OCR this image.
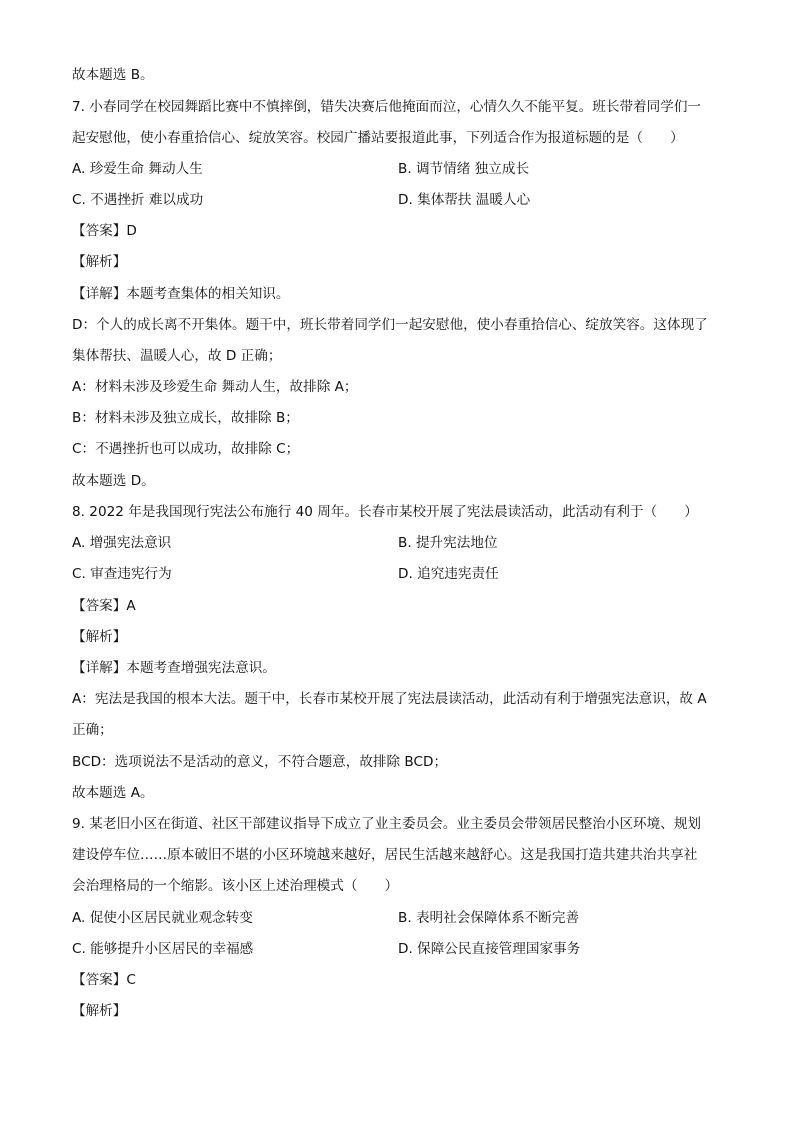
故本题选 B。
7. 小春同学在校园舞蹈比赛中不慎摔倒，错失决赛后他掩面而泣，心情久久不能平复。班长带着同学们一
起安慰他，使小春重拾信心、绽放笑容。校园广播站要报道此事，下列适合作为报道标题的是（　　）
A. 珍爱生命 舞动人生	B. 调节情绪 独立成长
C. 不遇挫折 难以成功	D. 集体帮扶 温暖人心
【答案】D
【解析】
【详解】本题考查集体的相关知识。
D：个人的成长离不开集体。题干中，班长带着同学们一起安慰他，使小春重拾信心、绽放笑容。这体现了
集体帮扶、温暖人心，故 D 正确；
A：材料未涉及珍爱生命 舞动人生，故排除 A；
B：材料未涉及独立成长，故排除 B；
C：不遇挫折也可以成功，故排除 C；
故本题选 D。
8. 2022 年是我国现行宪法公布施行 40 周年。长春市某校开展了宪法晨读活动，此活动有利于（　　）
A. 增强宪法意识	B. 提升宪法地位
C. 审查违宪行为	D. 追究违宪责任
【答案】A
【解析】
【详解】本题考查增强宪法意识。
A：宪法是我国的根本大法。题干中，长春市某校开展了宪法晨读活动，此活动有利于增强宪法意识，故 A
正确；
BCD：选项说法不是活动的意义，不符合题意，故排除 BCD；
故本题选 A。
9. 某老旧小区在街道、社区干部建议指导下成立了业主委员会。业主委员会带领居民整治小区环境、规划
建设停车位……原本破旧不堪的小区环境越来越好，居民生活越来越舒心。这是我国打造共建共治共享社
会治理格局的一个缩影。该小区上述治理模式（　　）
A. 促使小区居民就业观念转变	B. 表明社会保障体系不断完善
C. 能够提升小区居民的幸福感	D. 保障公民直接管理国家事务
【答案】C
【解析】
